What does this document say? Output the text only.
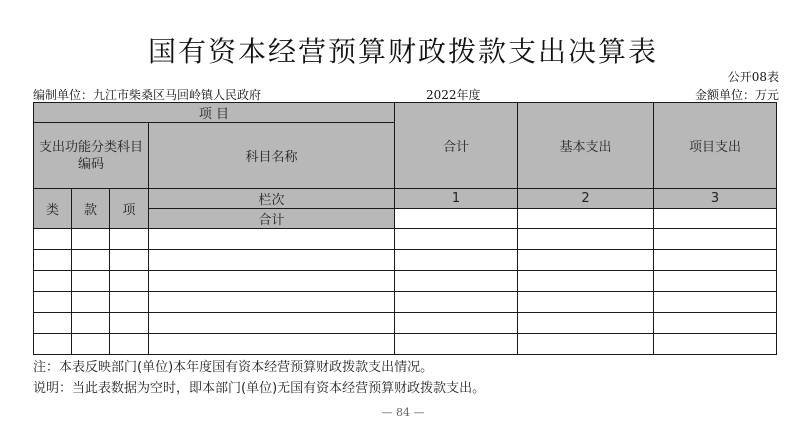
国有资本经营预算财政拨款支出决算表
公开08表
编制单位：九江市柴桑区马回岭镇人民政府	2022年度	金额单位：万元
项 目				合计	基本支出	项目支出
支出功能分类科目编码			科目名称			

类	款	项	栏次	1	2	3
			合计			

注：本表反映部门(单位)本年度国有资本经营预算财政拨款支出情况。
说明：当此表数据为空时，即本部门(单位)无国有资本经营预算财政拨款支出。
— 84 —
